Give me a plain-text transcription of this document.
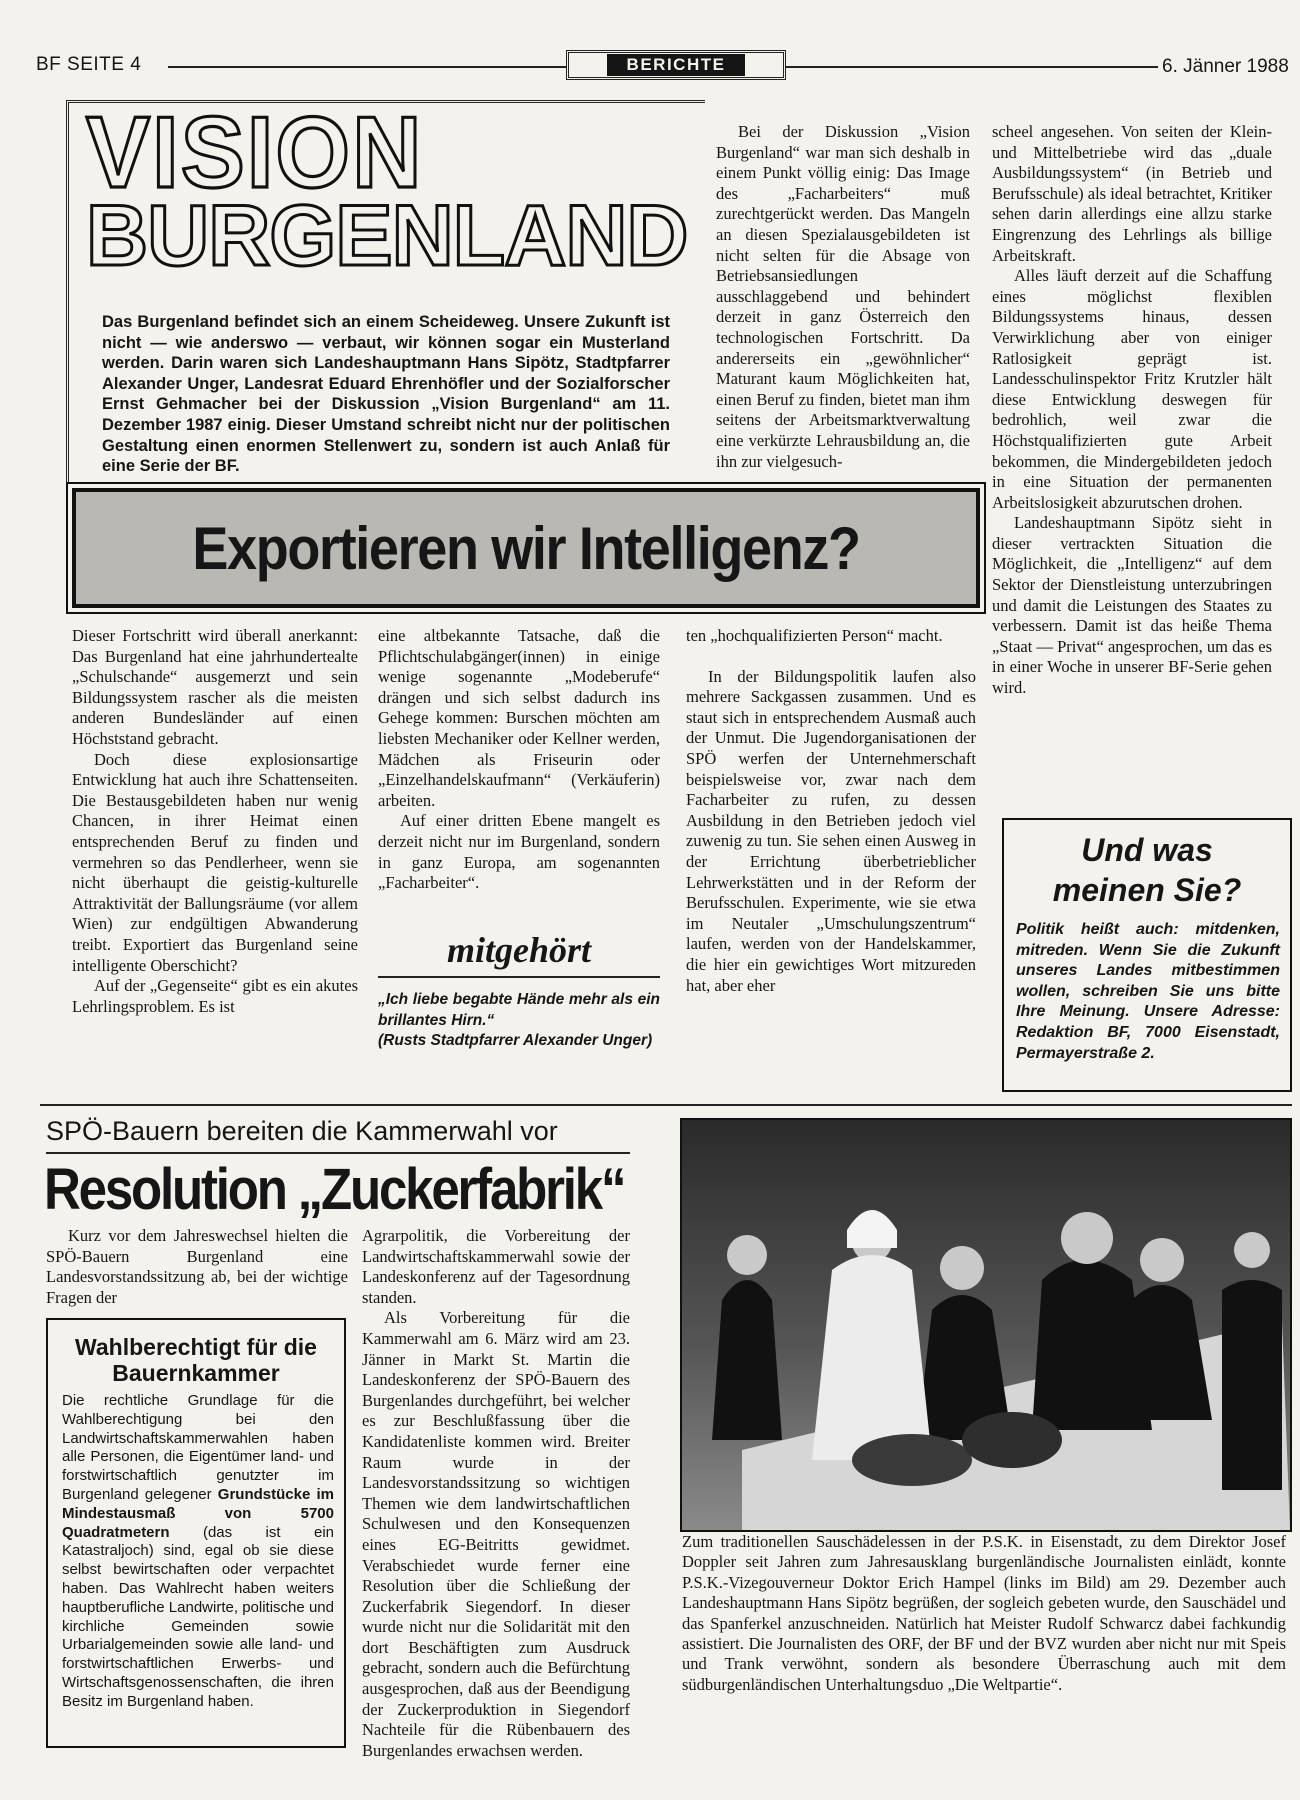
BF SEITE 4	BERICHTE	6. Jänner 1988
VISION
BURGENLAND
Das Burgenland befindet sich an einem Scheideweg. Unsere Zukunft ist nicht — wie anderswo — verbaut, wir können sogar ein Musterland werden. Darin waren sich Landeshauptmann Hans Sipötz, Stadtpfarrer Alexander Unger, Landesrat Eduard Ehrenhöfler und der Sozialforscher Ernst Gehmacher bei der Diskussion „Vision Burgenland“ am 11. Dezember 1987 einig. Dieser Umstand schreibt nicht nur der politischen Gestaltung einen enormen Stellenwert zu, sondern ist auch Anlaß für eine Serie der BF.

Bei der Diskussion „Vision Burgenland“ war man sich deshalb in einem Punkt völlig einig: Das Image des „Facharbeiters“ muß zurechtgerückt werden. Das Mangeln an diesen Spezialausgebildeten ist nicht selten für die Absage von Betriebsansiedlungen ausschlaggebend und behindert derzeit in ganz Österreich den technologischen Fortschritt. Da andererseits ein „gewöhnlicher“ Maturant kaum Möglichkeiten hat, einen Beruf zu finden, bietet man ihm seitens der Arbeitsmarktverwaltung eine verkürzte Lehrausbildung an, die ihn zur vielgesuch-

scheel angesehen. Von seiten der Klein- und Mittelbetriebe wird das „duale Ausbildungssystem“ (in Betrieb und Berufsschule) als ideal betrachtet, Kritiker sehen darin allerdings eine allzu starke Eingrenzung des Lehrlings als billige Arbeitskraft.

Alles läuft derzeit auf die Schaffung eines möglichst flexiblen Bildungssystems hinaus, dessen Verwirklichung aber von einiger Ratlosigkeit geprägt ist. Landesschulinspektor Fritz Krutzler hält diese Entwicklung deswegen für bedrohlich, weil zwar die Höchstqualifizierten gute Arbeit bekommen, die Mindergebildeten jedoch in eine Situation der permanenten Arbeitslosigkeit abzurutschen drohen.

Landeshauptmann Sipötz sieht in dieser vertrackten Situation die Möglichkeit, die „Intelligenz“ auf dem Sektor der Dienstleistung unterzubringen und damit die Leistungen des Staates zu verbessern. Damit ist das heiße Thema „Staat — Privat“ angesprochen, um das es in einer Woche in unserer BF-Serie gehen wird.

Exportieren wir Intelligenz?

Dieser Fortschritt wird überall anerkannt: Das Burgenland hat eine jahrhundertealte „Schulschande“ ausgemerzt und sein Bildungssystem rascher als die meisten anderen Bundesländer auf einen Höchststand gebracht.

Doch diese explosionsartige Entwicklung hat auch ihre Schattenseiten. Die Bestausgebildeten haben nur wenig Chancen, in ihrer Heimat einen entsprechenden Beruf zu finden und vermehren so das Pendlerheer, wenn sie nicht überhaupt die geistig-kulturelle Attraktivität der Ballungsräume (vor allem Wien) zur endgültigen Abwanderung treibt. Exportiert das Burgenland seine intelligente Oberschicht?

Auf der „Gegenseite“ gibt es ein akutes Lehrlingsproblem. Es ist

eine altbekannte Tatsache, daß die Pflichtschulabgänger(innen) in einige wenige sogenannte „Modeberufe“ drängen und sich selbst dadurch ins Gehege kommen: Burschen möchten am liebsten Mechaniker oder Kellner werden, Mädchen als Friseurin oder „Einzelhandelskaufmann“ (Verkäuferin) arbeiten.

Auf einer dritten Ebene mangelt es derzeit nicht nur im Burgenland, sondern in ganz Europa, am sogenannten „Facharbeiter“.

mitgehört
„Ich liebe begabte Hände mehr als ein brillantes Hirn.“
(Rusts Stadtpfarrer Alexander Unger)

ten „hochqualifizierten Person“ macht.

In der Bildungspolitik laufen also mehrere Sackgassen zusammen. Und es staut sich in entsprechendem Ausmaß auch der Unmut. Die Jugendorganisationen der SPÖ werfen der Unternehmerschaft beispielsweise vor, zwar nach dem Facharbeiter zu rufen, zu dessen Ausbildung in den Betrieben jedoch viel zuwenig zu tun. Sie sehen einen Ausweg in der Errichtung überbetrieblicher Lehrwerkstätten und in der Reform der Berufsschulen. Experimente, wie sie etwa im Neutaler „Umschulungszentrum“ laufen, werden von der Handelskammer, die hier ein gewichtiges Wort mitzureden hat, aber eher

Und was
meinen Sie?
Politik heißt auch: mitdenken, mitreden. Wenn Sie die Zukunft unseres Landes mitbestimmen wollen, schreiben Sie uns bitte Ihre Meinung. Unsere Adresse: Redaktion BF, 7000 Eisenstadt, Permayerstraße 2.
SPÖ-Bauern bereiten die Kammerwahl vor
Resolution „Zuckerfabrik“

Kurz vor dem Jahreswechsel hielten die SPÖ-Bauern Burgenland eine Landesvorstandssitzung ab, bei der wichtige Fragen der

Wahlberechtigt für die Bauernkammer
Die rechtliche Grundlage für die Wahlberechtigung bei den Landwirtschaftskammerwahlen haben alle Personen, die Eigentümer land- und forstwirtschaftlich genutzter im Burgenland gelegener Grundstücke im Mindestausmaß von 5700 Quadratmetern (das ist ein Katastraljoch) sind, egal ob sie diese selbst bewirtschaften oder verpachtet haben. Das Wahlrecht haben weiters hauptberufliche Landwirte, politische und kirchliche Gemeinden sowie Urbarialgemeinden sowie alle land- und forstwirtschaftlichen Erwerbs- und Wirtschaftsgenossenschaften, die ihren Besitz im Burgenland haben.

Agrarpolitik, die Vorbereitung der Landwirtschaftskammerwahl sowie der Landeskonferenz auf der Tagesordnung standen.

Als Vorbereitung für die Kammerwahl am 6. März wird am 23. Jänner in Markt St. Martin die Landeskonferenz der SPÖ-Bauern des Burgenlandes durchgeführt, bei welcher es zur Beschlußfassung über die Kandidatenliste kommen wird. Breiter Raum wurde in der Landesvorstandssitzung so wichtigen Themen wie dem landwirtschaftlichen Schulwesen und den Konsequenzen eines EG-Beitritts gewidmet. Verabschiedet wurde ferner eine Resolution über die Schließung der Zuckerfabrik Siegendorf. In dieser wurde nicht nur die Solidarität mit den dort Beschäftigten zum Ausdruck gebracht, sondern auch die Befürchtung ausgesprochen, daß aus der Beendigung der Zuckerproduktion in Siegendorf Nachteile für die Rübenbauern des Burgenlandes erwachsen werden.

Zum traditionellen Sauschädelessen in der P.S.K. in Eisenstadt, zu dem Direktor Josef Doppler seit Jahren zum Jahresausklang burgenländische Journalisten einlädt, konnte P.S.K.-Vizegouverneur Doktor Erich Hampel (links im Bild) am 29. Dezember auch Landeshauptmann Hans Sipötz begrüßen, der sogleich gebeten wurde, den Sauschädel und das Spanferkel anzuschneiden. Natürlich hat Meister Rudolf Schwarcz dabei fachkundig assistiert. Die Journalisten des ORF, der BF und der BVZ wurden aber nicht nur mit Speis und Trank verwöhnt, sondern als besondere Überraschung auch mit dem südburgenländischen Unterhaltungsduo „Die Weltpartie“.
